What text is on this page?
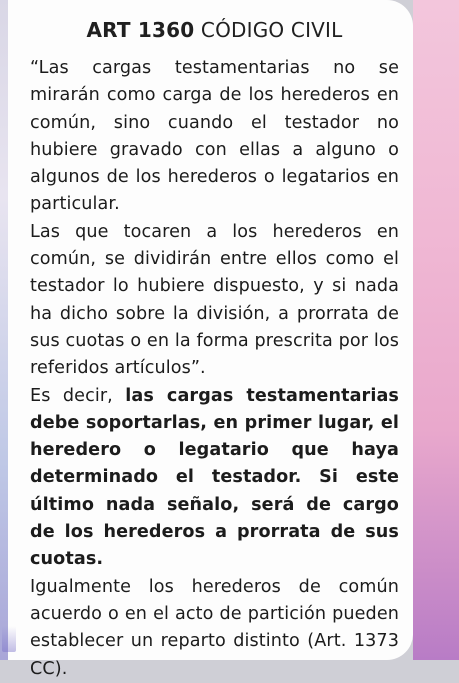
ART 1360 CÓDIGO CIVIL

“Las cargas testamentarias no se mirarán como carga de los herederos en común, sino cuando el testador no hubiere gravado con ellas a alguno o algunos de los herederos o legatarios en particular.

Las que tocaren a los herederos en común, se dividirán entre ellos como el testador lo hubiere dispuesto, y si nada ha dicho sobre la división, a prorrata de sus cuotas o en la forma prescrita por los referidos artículos”.

Es decir, las cargas testamentarias debe soportarlas, en primer lugar, el heredero o legatario que haya determinado el testador. Si este último nada señalo, será de cargo de los herederos a prorrata de sus cuotas.

Igualmente los herederos de común acuerdo o en el acto de partición pueden establecer un reparto distinto (Art. 1373 CC).
